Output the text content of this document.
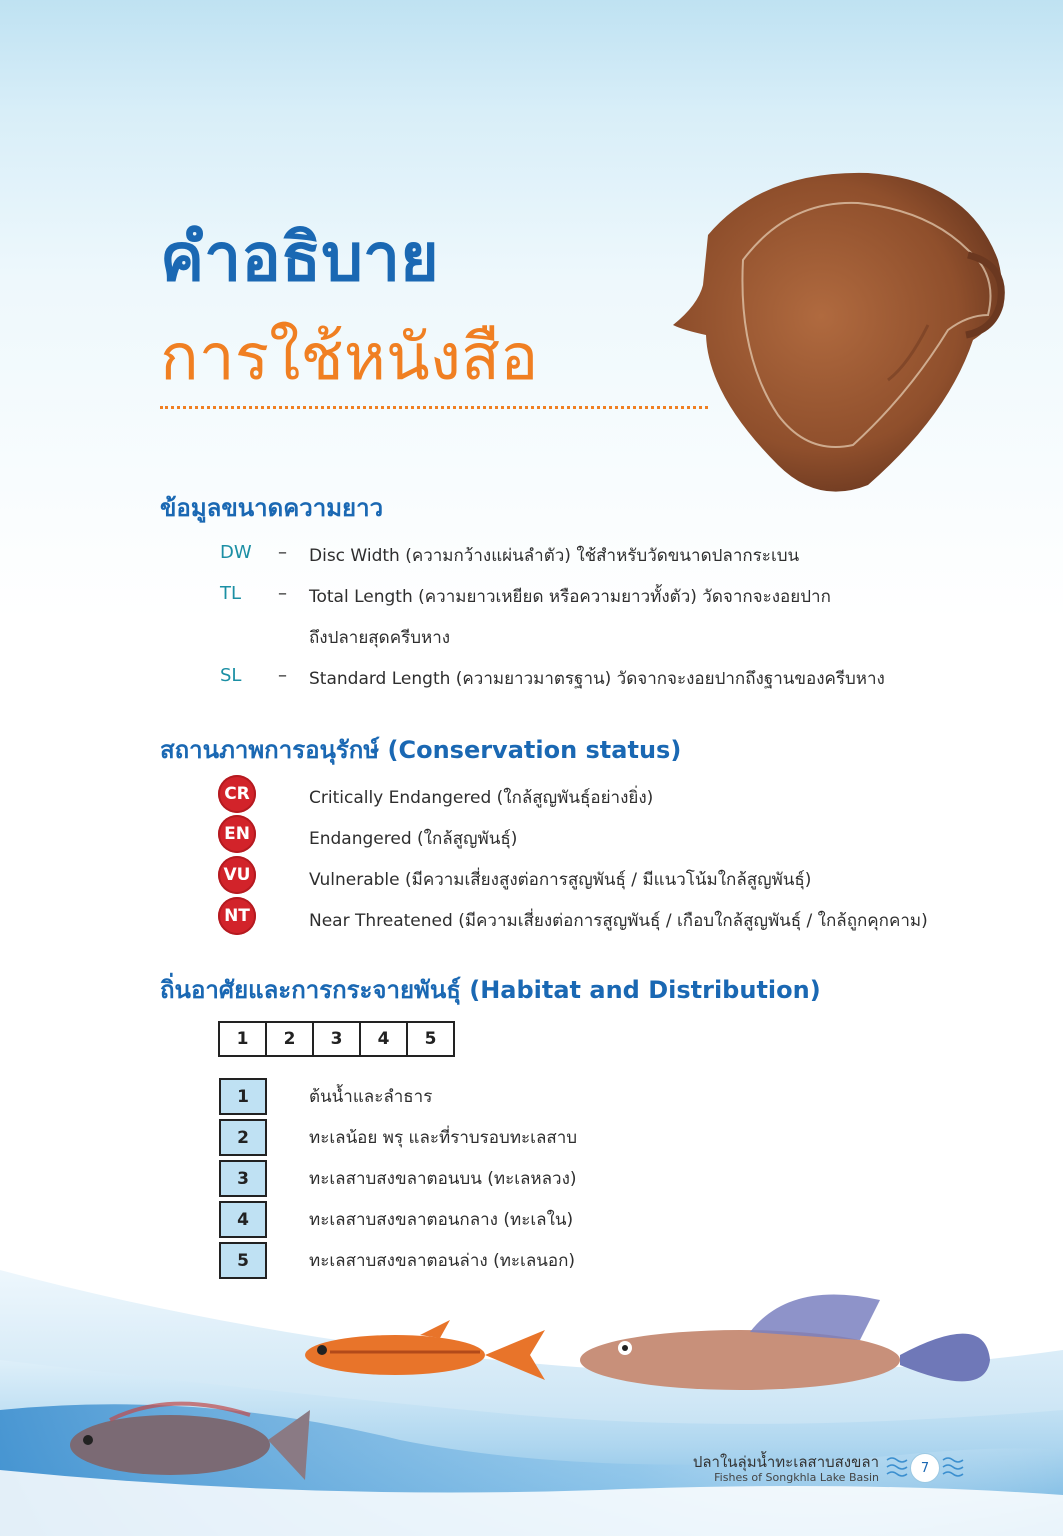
คำอธิบาย
การใช้หนังสือ
ข้อมูลขนาดความยาว
DW – Disc Width (ความกว้างแผ่นลำตัว) ใช้สำหรับวัดขนาดปลากระเบน
TL – Total Length (ความยาวเหยียด หรือความยาวทั้งตัว) วัดจากจะงอยปาก
ถึงปลายสุดครีบหาง
SL – Standard Length (ความยาวมาตรฐาน) วัดจากจะงอยปากถึงฐานของครีบหาง
สถานภาพการอนุรักษ์ (Conservation status)
CR	Critically Endangered (ใกล้สูญพันธุ์อย่างยิ่ง)
EN	Endangered (ใกล้สูญพันธุ์)
VU	Vulnerable (มีความเสี่ยงสูงต่อการสูญพันธุ์ / มีแนวโน้มใกล้สูญพันธุ์)
NT	Near Threatened (มีความเสี่ยงต่อการสูญพันธุ์ / เกือบใกล้สูญพันธุ์ / ใกล้ถูกคุกคาม)
ถิ่นอาศัยและการกระจายพันธุ์ (Habitat and Distribution)
1	2	3	4	5
1	ต้นน้ำและลำธาร
2	ทะเลน้อย พรุ และที่ราบรอบทะเลสาบ
3	ทะเลสาบสงขลาตอนบน (ทะเลหลวง)
4	ทะเลสาบสงขลาตอนกลาง (ทะเลใน)
5	ทะเลสาบสงขลาตอนล่าง (ทะเลนอก)
ปลาในลุ่มน้ำทะเลสาบสงขลา
Fishes of Songkhla Lake Basin
7
